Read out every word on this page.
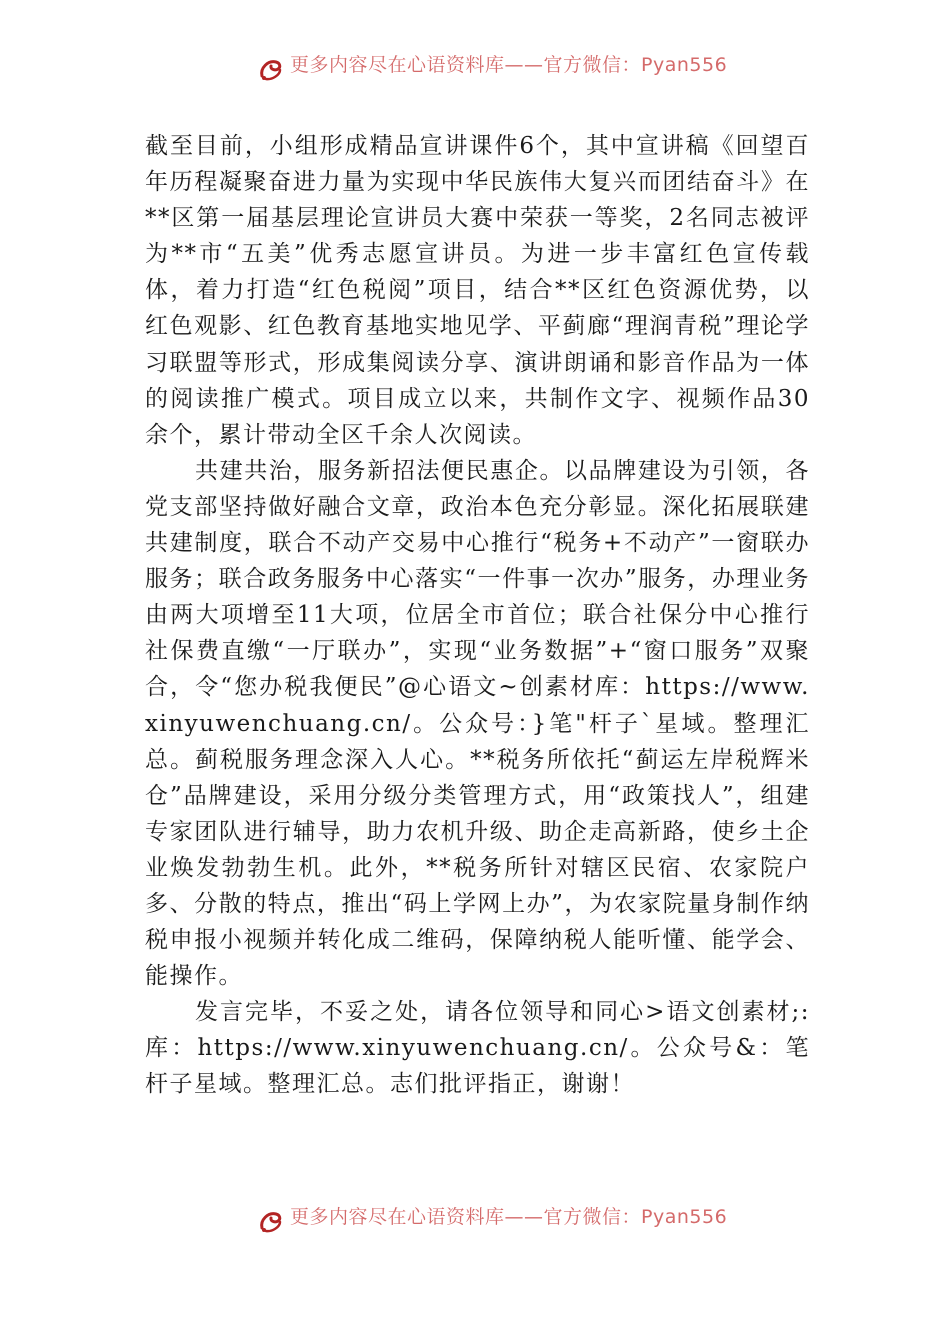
更多内容尽在心语资料库——官方微信：Pyan556

截至目前，小组形成精品宣讲课件6个，其中宣讲稿《回望百年历程凝聚奋进力量为实现中华民族伟大复兴而团结奋斗》在**区第一届基层理论宣讲员大赛中荣获一等奖，2名同志被评为**市“五美”优秀志愿宣讲员。为进一步丰富红色宣传载体，着力打造“红色税阅”项目，结合**区红色资源优势，以红色观影、红色教育基地实地见学、平蓟廊“理润青税”理论学习联盟等形式，形成集阅读分享、演讲朗诵和影音作品为一体的阅读推广模式。项目成立以来，共制作文字、视频作品30余个，累计带动全区千余人次阅读。

共建共治，服务新招法便民惠企。以品牌建设为引领，各党支部坚持做好融合文章，政治本色充分彰显。深化拓展联建共建制度，联合不动产交易中心推行“税务+不动产”一窗联办服务；联合政务服务中心落实“一件事一次办”服务，办理业务由两大项增至11大项，位居全市首位；联合社保分中心推行社保费直缴“一厅联办”，实现“业务数据”+“窗口服务”双聚合，令“您办税我便民”@心语文~创素材库：https://www.xinyuwenchuang.cn/。公众号：}笔"杆子`星域。整理汇总。蓟税服务理念深入人心。**税务所依托“蓟运左岸税辉米仓”品牌建设，采用分级分类管理方式，用“政策找人”，组建专家团队进行辅导，助力农机升级、助企走高新路，使乡土企业焕发勃勃生机。此外，**税务所针对辖区民宿、农家院户多、分散的特点，推出“码上学网上办”，为农家院量身制作纳税申报小视频并转化成二维码，保障纳税人能听懂、能学会、能操作。

发言完毕，不妥之处，请各位领导和同心>语文创素材;:库：https://www.xinyuwenchuang.cn/。公众号&：笔杆子星域。整理汇总。志们批评指正，谢谢！

更多内容尽在心语资料库——官方微信：Pyan556
